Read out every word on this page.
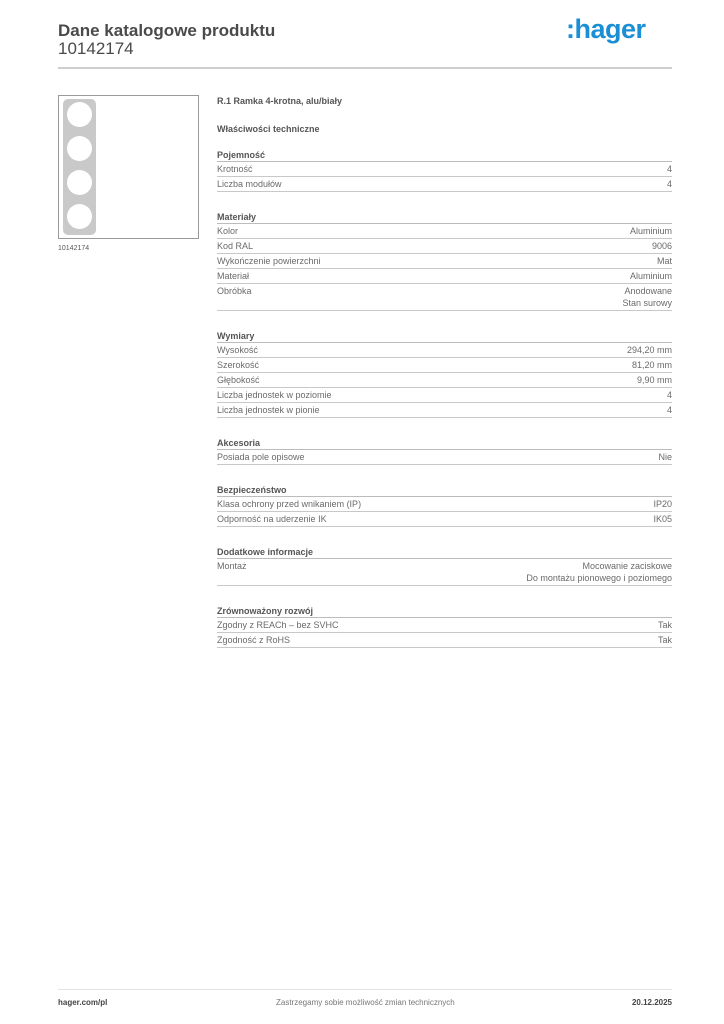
Dane katalogowe produktu
10142174
:hager
10142174
R.1 Ramka 4-krotna, alu/biały
Właściwości techniczne
Pojemność
Krotność	4
Liczba modułów	4
Materiały
Kolor	Aluminium
Kod RAL	9006
Wykończenie powierzchni	Mat
Materiał	Aluminium
Obróbka	Anodowane
Stan surowy
Wymiary
Wysokość	294,20 mm
Szerokość	81,20 mm
Głębokość	9,90 mm
Liczba jednostek w poziomie	4
Liczba jednostek w pionie	4
Akcesoria
Posiada pole opisowe	Nie
Bezpieczeństwo
Klasa ochrony przed wnikaniem (IP)	IP20
Odporność na uderzenie IK	IK05
Dodatkowe informacje
Montaż	Mocowanie zaciskowe
Do montażu pionowego i poziomego
Zrównoważony rozwój
Zgodny z REACh – bez SVHC	Tak
Zgodność z RoHS	Tak
hager.com/pl	Zastrzegamy sobie możliwość zmian technicznych	20.12.2025
